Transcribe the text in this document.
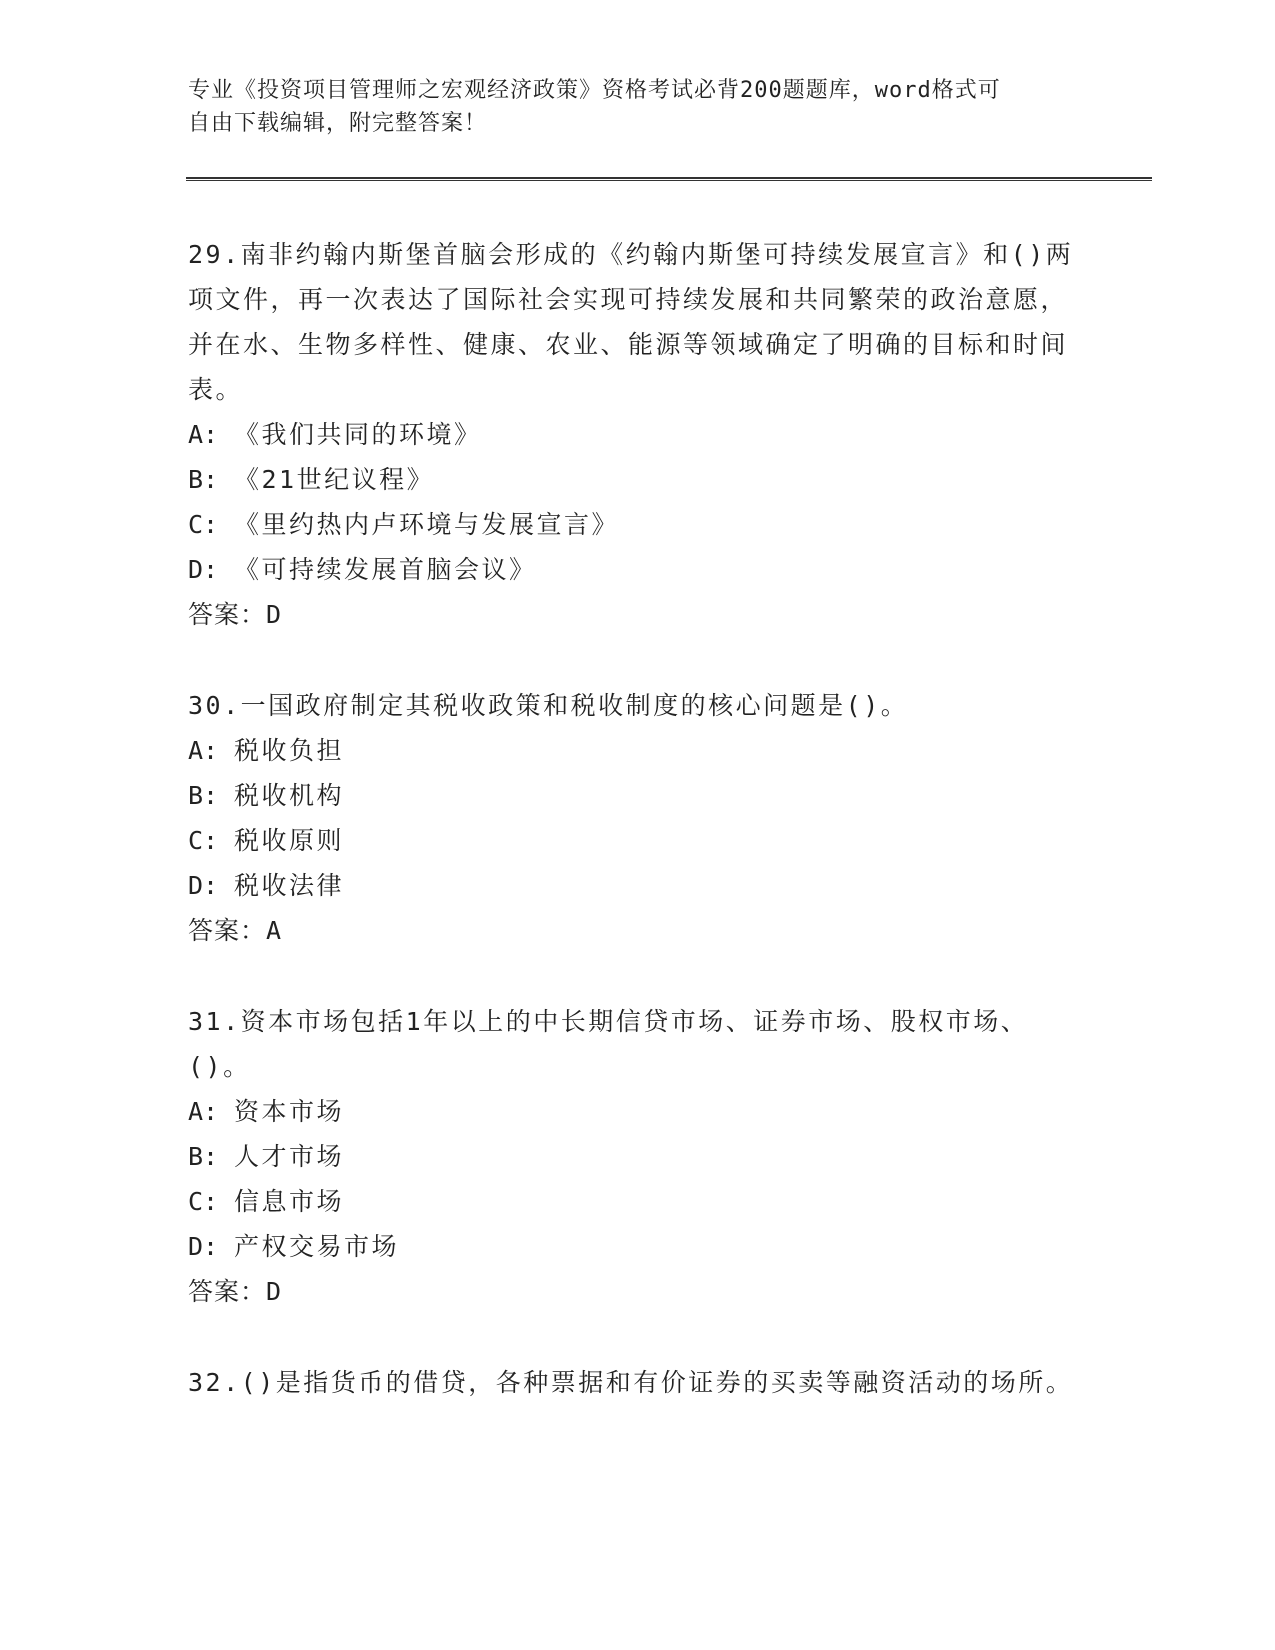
专业《投资项目管理师之宏观经济政策》资格考试必背200题题库，word格式可
自由下载编辑，附完整答案！

29.南非约翰内斯堡首脑会形成的《约翰内斯堡可持续发展宣言》和()两项文件，再一次表达了国际社会实现可持续发展和共同繁荣的政治意愿，并在水、生物多样性、健康、农业、能源等领域确定了明确的目标和时间表。

A: 《我们共同的环境》

B: 《21世纪议程》

C: 《里约热内卢环境与发展宣言》

D: 《可持续发展首脑会议》

答案：D

30.一国政府制定其税收政策和税收制度的核心问题是()。

A: 税收负担

B: 税收机构

C: 税收原则

D: 税收法律

答案：A

31.资本市场包括1年以上的中长期信贷市场、证券市场、股权市场、()。

A: 资本市场

B: 人才市场

C: 信息市场

D: 产权交易市场

答案：D

32.()是指货币的借贷，各种票据和有价证券的买卖等融资活动的场所。
